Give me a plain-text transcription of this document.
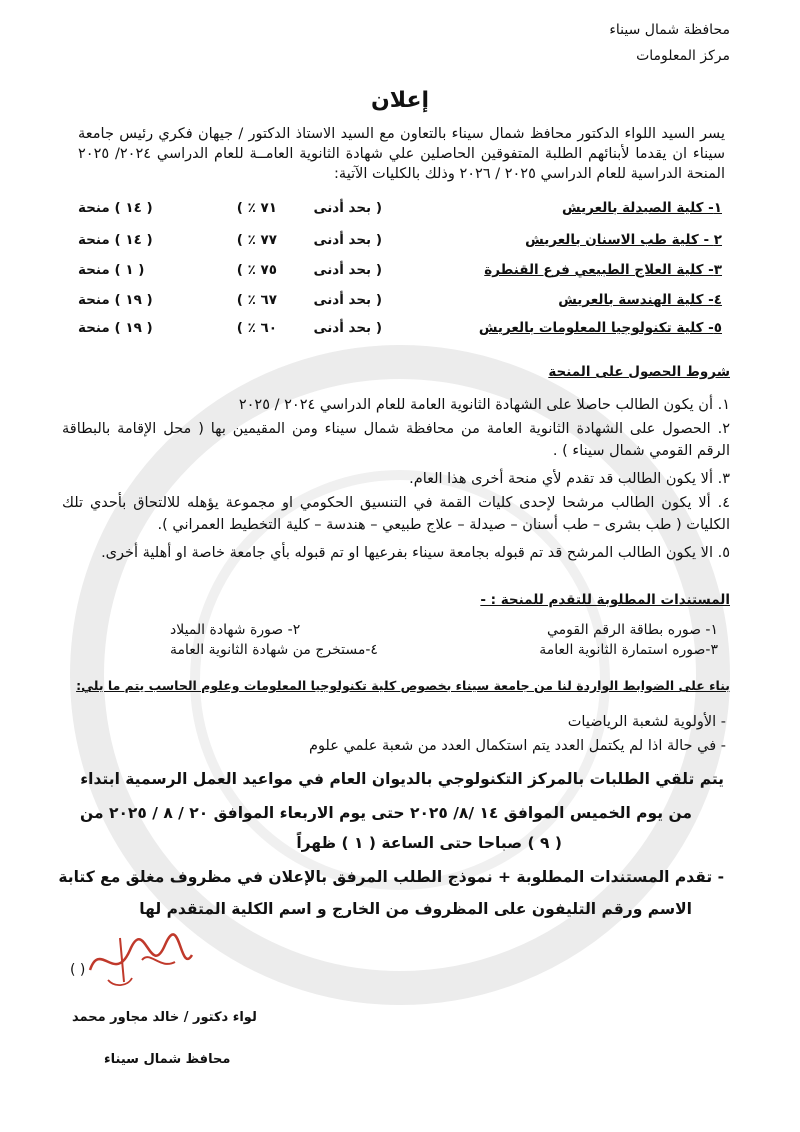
محافظة شمال سيناء
مركز المعلومات
إعلان
يسر السيد اللواء الدكتور محافظ شمال سيناء بالتعاون مع السيد الاستاذ الدكتور / جيهان فكري رئيس جامعة سيناء ان يقدما لأبنائهم الطلبة المتفوقين الحاصلين علي شهادة الثانوية العامــة للعام الدراسي ٢٠٢٤/ ٢٠٢٥ المنحة الدراسية للعام الدراسي ٢٠٢٥ / ٢٠٢٦ وذلك بالكليات الآتية:
١- كلية الصيدلة بالعريش
( بحد أدنى
٧١ ٪ )
( ١٤ ) منحة
٢ - كلية طب الاسنان بالعريش
( بحد أدنى
٧٧ ٪ )
( ١٤ ) منحة
٣- كلية العلاج الطبيعي فرع القنطرة
( بحد أدنى
٧٥ ٪ )
( ١ ) منحة
٤- كلية الهندسة بالعريش
( بحد أدنى
٦٧ ٪ )
( ١٩ ) منحة
٥- كلية تكنولوجيا المعلومات بالعريش
( بحد أدنى
٦٠ ٪ )
( ١٩ ) منحة
شروط الحصول على المنحة
١. أن يكون الطالب حاصلا على الشهادة الثانوية العامة للعام الدراسي ٢٠٢٤ / ٢٠٢٥
٢. الحصول على الشهادة الثانوية العامة من محافظة شمال سيناء ومن المقيمين بها ( محل الإقامة بالبطاقة الرقم القومي شمال سيناء ) .
٣. ألا يكون الطالب قد تقدم لأي منحة أخرى هذا العام.
٤. ألا يكون الطالب مرشحا لإحدى كليات القمة في التنسيق الحكومي او مجموعة يؤهله للالتحاق بأحدي تلك الكليات ( طب بشرى – طب أسنان – صيدلة – علاج طبيعي – هندسة – كلية التخطيط العمراني ).
٥. الا يكون الطالب المرشح قد تم قبوله بجامعة سيناء بفرعيها او تم قبوله بأي جامعة خاصة او أهلية أخرى.
المستندات المطلوبة للتقدم للمنحة : -
١- صوره بطاقة الرقم القومي
٢- صورة شهادة الميلاد
٣-صوره استمارة الثانوية العامة
٤-مستخرج من شهادة الثانوية العامة
بناء على الضوابط الواردة لنا من جامعة سيناء بخصوص كلية تكنولوجيا المعلومات وعلوم الحاسب يتم ما يلي:
- الأولوية لشعبة الرياضيات
- في حالة اذا لم يكتمل العدد يتم استكمال العدد من شعبة علمي علوم
يتم تلقي الطلبات بالمركز التكنولوجي بالديوان العام في مواعيد العمل الرسمية ابتداء
من يوم الخميس الموافق ١٤ /٨/ ٢٠٢٥ حتى يوم الاربعاء الموافق ٢٠ / ٨ / ٢٠٢٥ من
( ٩ ) صباحا حتى الساعة ( ١ ) ظهراً
- تقدم المستندات المطلوبة + نموذج الطلب المرفق بالإعلان في مظروف مغلق مع كتابة
الاسم ورقم التليفون على المظروف من الخارج و اسم الكلية المتقدم لها
( )
لواء دكتور / خالد مجاور محمد
محافظ شمال سيناء
